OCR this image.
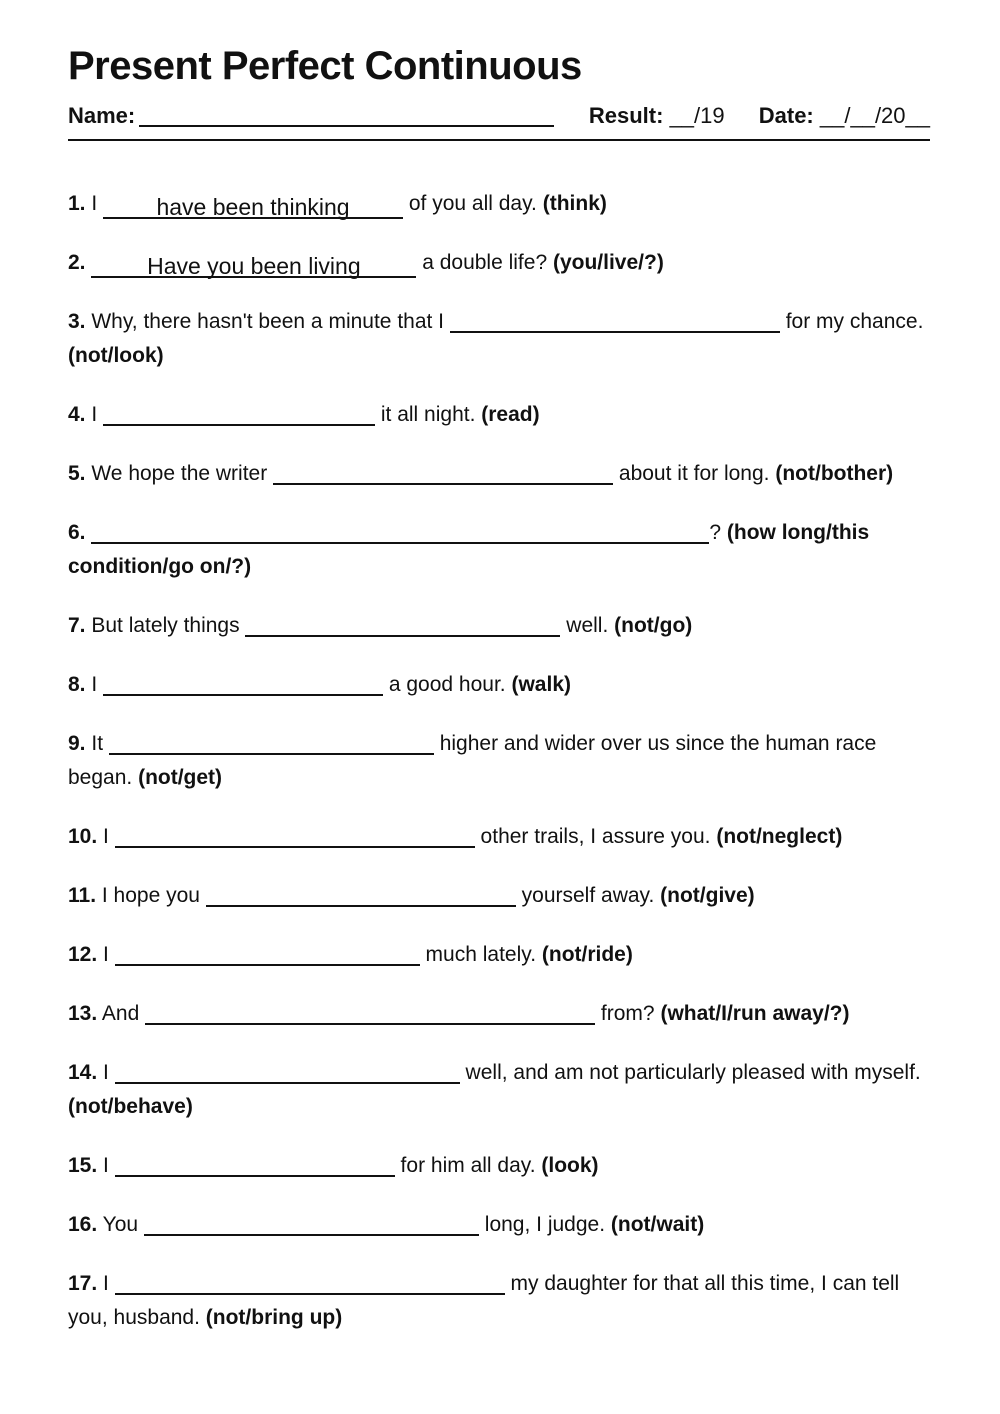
Present Perfect Continuous
Name:	Result: __/19 Date: __/__/20__

1. I have been thinking	of you all day. (think)

2.	Have you been living	a double life? (you/live/?)

3. Why, there hasn't been a minute that I	for my chance. (not/look)

4. I	it all night. (read)

5. We hope the writer	about it for long. (not/bother)

6.	? (how long/this condition/go on/?)

7. But lately things	well. (not/go)

8. I	a good hour. (walk)

9. It	higher and wider over us since the human race began. (not/get)

10. I	other trails, I assure you. (not/neglect)

11. I hope you	yourself away. (not/give)

12. I	much lately. (not/ride)

13. And	from? (what/I/run away/?)

14. I	well, and am not particularly pleased with myself. (not/behave)

15. I	for him all day. (look)

16. You	long, I judge. (not/wait)

17. I	my daughter for that all this time, I can tell you, husband. (not/bring up)
